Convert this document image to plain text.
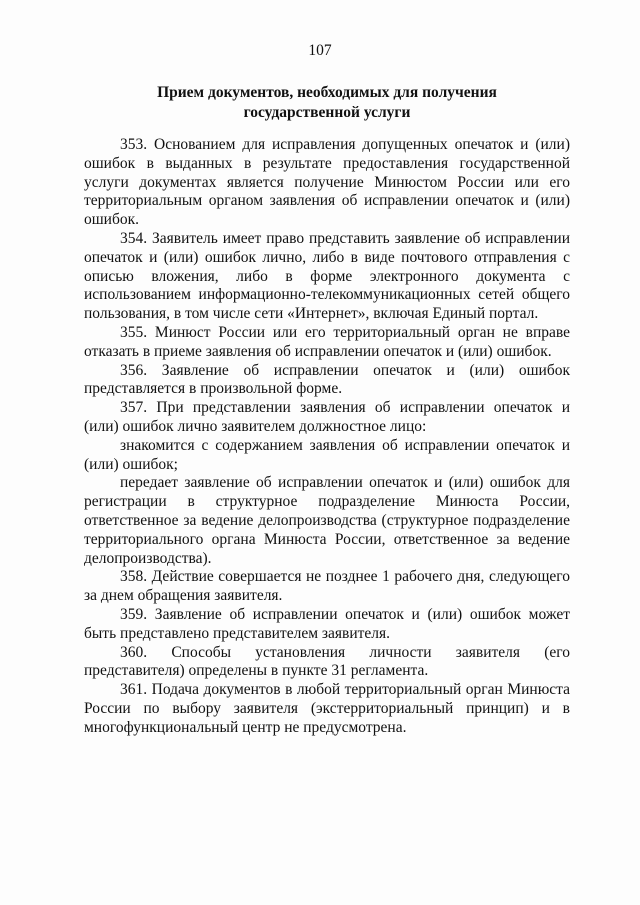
107
Прием документов, необходимых для получения
государственной услуги

353. Основанием для исправления допущенных опечаток и (или) ошибок в выданных в результате предоставления государственной услуги документах является получение Минюстом России или его территориальным органом заявления об исправлении опечаток и (или) ошибок.

354. Заявитель имеет право представить заявление об исправлении опечаток и (или) ошибок лично, либо в виде почтового отправления с описью вложения, либо в форме электронного документа с использованием информационно-телекоммуникационных сетей общего пользования, в том числе сети «Интернет», включая Единый портал.

355. Минюст России или его территориальный орган не вправе отказать в приеме заявления об исправлении опечаток и (или) ошибок.

356. Заявление об исправлении опечаток и (или) ошибок представляется в произвольной форме.

357. При представлении заявления об исправлении опечаток и (или) ошибок лично заявителем должностное лицо:

знакомится с содержанием заявления об исправлении опечаток и (или) ошибок;

передает заявление об исправлении опечаток и (или) ошибок для регистрации в структурное подразделение Минюста России, ответственное за ведение делопроизводства (структурное подразделение территориального органа Минюста России, ответственное за ведение делопроизводства).

358. Действие совершается не позднее 1 рабочего дня, следующего за днем обращения заявителя.

359. Заявление об исправлении опечаток и (или) ошибок может быть представлено представителем заявителя.

360. Способы установления личности заявителя (его представителя) определены в пункте 31 регламента.

361. Подача документов в любой территориальный орган Минюста России по выбору заявителя (экстерриториальный принцип) и в многофункциональный центр не предусмотрена.
